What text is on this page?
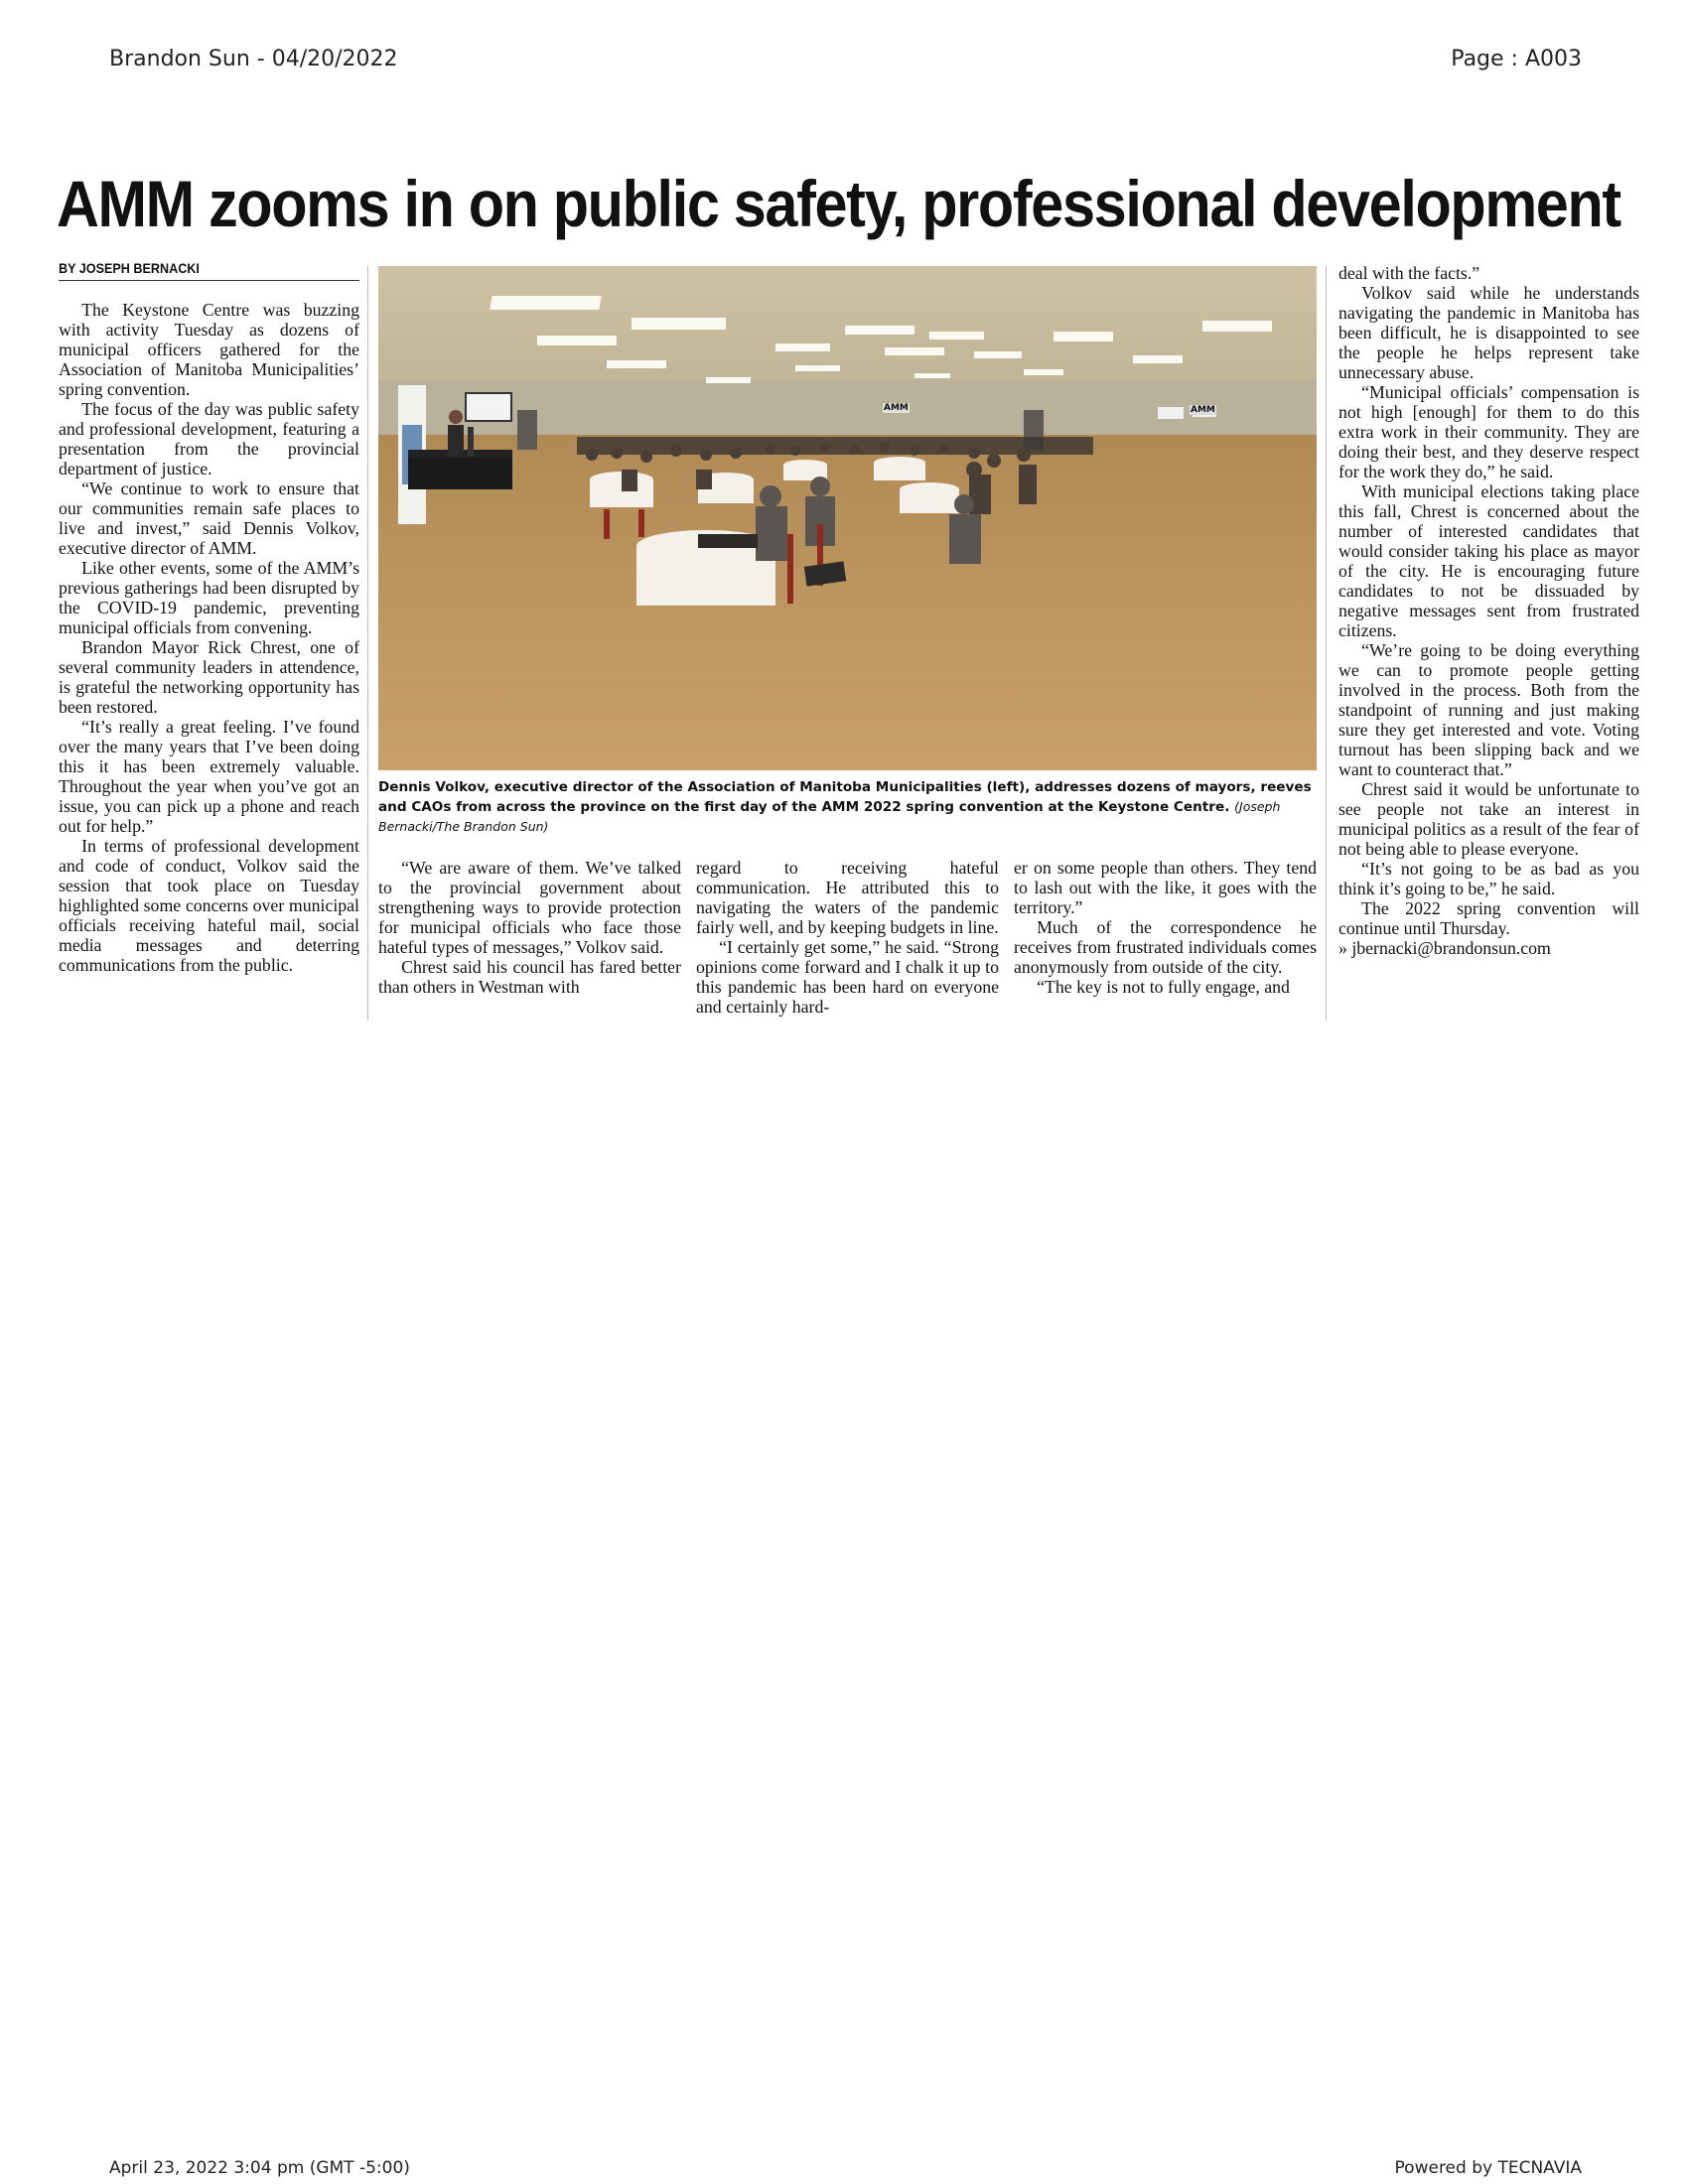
Brandon Sun - 04/20/2022	Page : A003
AMM zooms in on public safety, professional development
BY JOSEPH BERNACKI

The Keystone Centre was buzzing with activity Tuesday as dozens of municipal officers gathered for the Association of Manitoba Municipalities’ spring convention.

The focus of the day was public safety and professional development, featuring a presentation from the provincial department of justice.

“We continue to work to ensure that our communities remain safe places to live and invest,” said Dennis Volkov, executive director of AMM.

Like other events, some of the AMM’s previous gatherings had been disrupted by the COVID-19 pandemic, preventing municipal officials from convening.

Brandon Mayor Rick Chrest, one of several community leaders in attendence, is grateful the networking opportunity has been restored.

“It’s really a great feeling. I’ve found over the many years that I’ve been doing this it has been extremely valuable. Throughout the year when you’ve got an issue, you can pick up a phone and reach out for help.”

In terms of professional development and code of conduct, Volkov said the session that took place on Tuesday highlighted some concerns over municipal officials receiving hateful mail, social media messages and deterring communications from the public.

AMM	AMM

Dennis Volkov, executive director of the Association of Manitoba Municipalities (left), addresses dozens of mayors, reeves and CAOs from across the province on the first day of the AMM 2022 spring convention at the Keystone Centre. (Joseph Bernacki/The Brandon Sun)

“We are aware of them. We’ve talked to the provincial government about strengthening ways to provide protection for municipal officials who face those hateful types of messages,” Volkov said.

Chrest said his council has fared better than others in Westman with

regard to receiving hateful communication. He attributed this to navigating the waters of the pandemic fairly well, and by keeping budgets in line.

“I certainly get some,” he said. “Strong opinions come forward and I chalk it up to this pandemic has been hard on everyone and certainly hard-

er on some people than others. They tend to lash out with the like, it goes with the territory.”

Much of the correspondence he receives from frustrated individuals comes anonymously from outside of the city.

“The key is not to fully engage, and

deal with the facts.”

Volkov said while he understands navigating the pandemic in Manitoba has been difficult, he is disappointed to see the people he helps represent take unnecessary abuse.

“Municipal officials’ compensation is not high [enough] for them to do this extra work in their community. They are doing their best, and they deserve respect for the work they do,” he said.

With municipal elections taking place this fall, Chrest is concerned about the number of interested candidates that would consider taking his place as mayor of the city. He is encouraging future candidates to not be dissuaded by negative messages sent from frustrated citizens.

“We’re going to be doing everything we can to promote people getting involved in the process. Both from the standpoint of running and just making sure they get interested and vote. Voting turnout has been slipping back and we want to counteract that.”

Chrest said it would be unfortunate to see people not take an interest in municipal politics as a result of the fear of not being able to please everyone.

“It’s not going to be as bad as you think it’s going to be,” he said.

The 2022 spring convention will continue until Thursday.

» jbernacki@brandonsun.com

April 23, 2022 3:04 pm (GMT -5:00)	Powered by TECNAVIA
